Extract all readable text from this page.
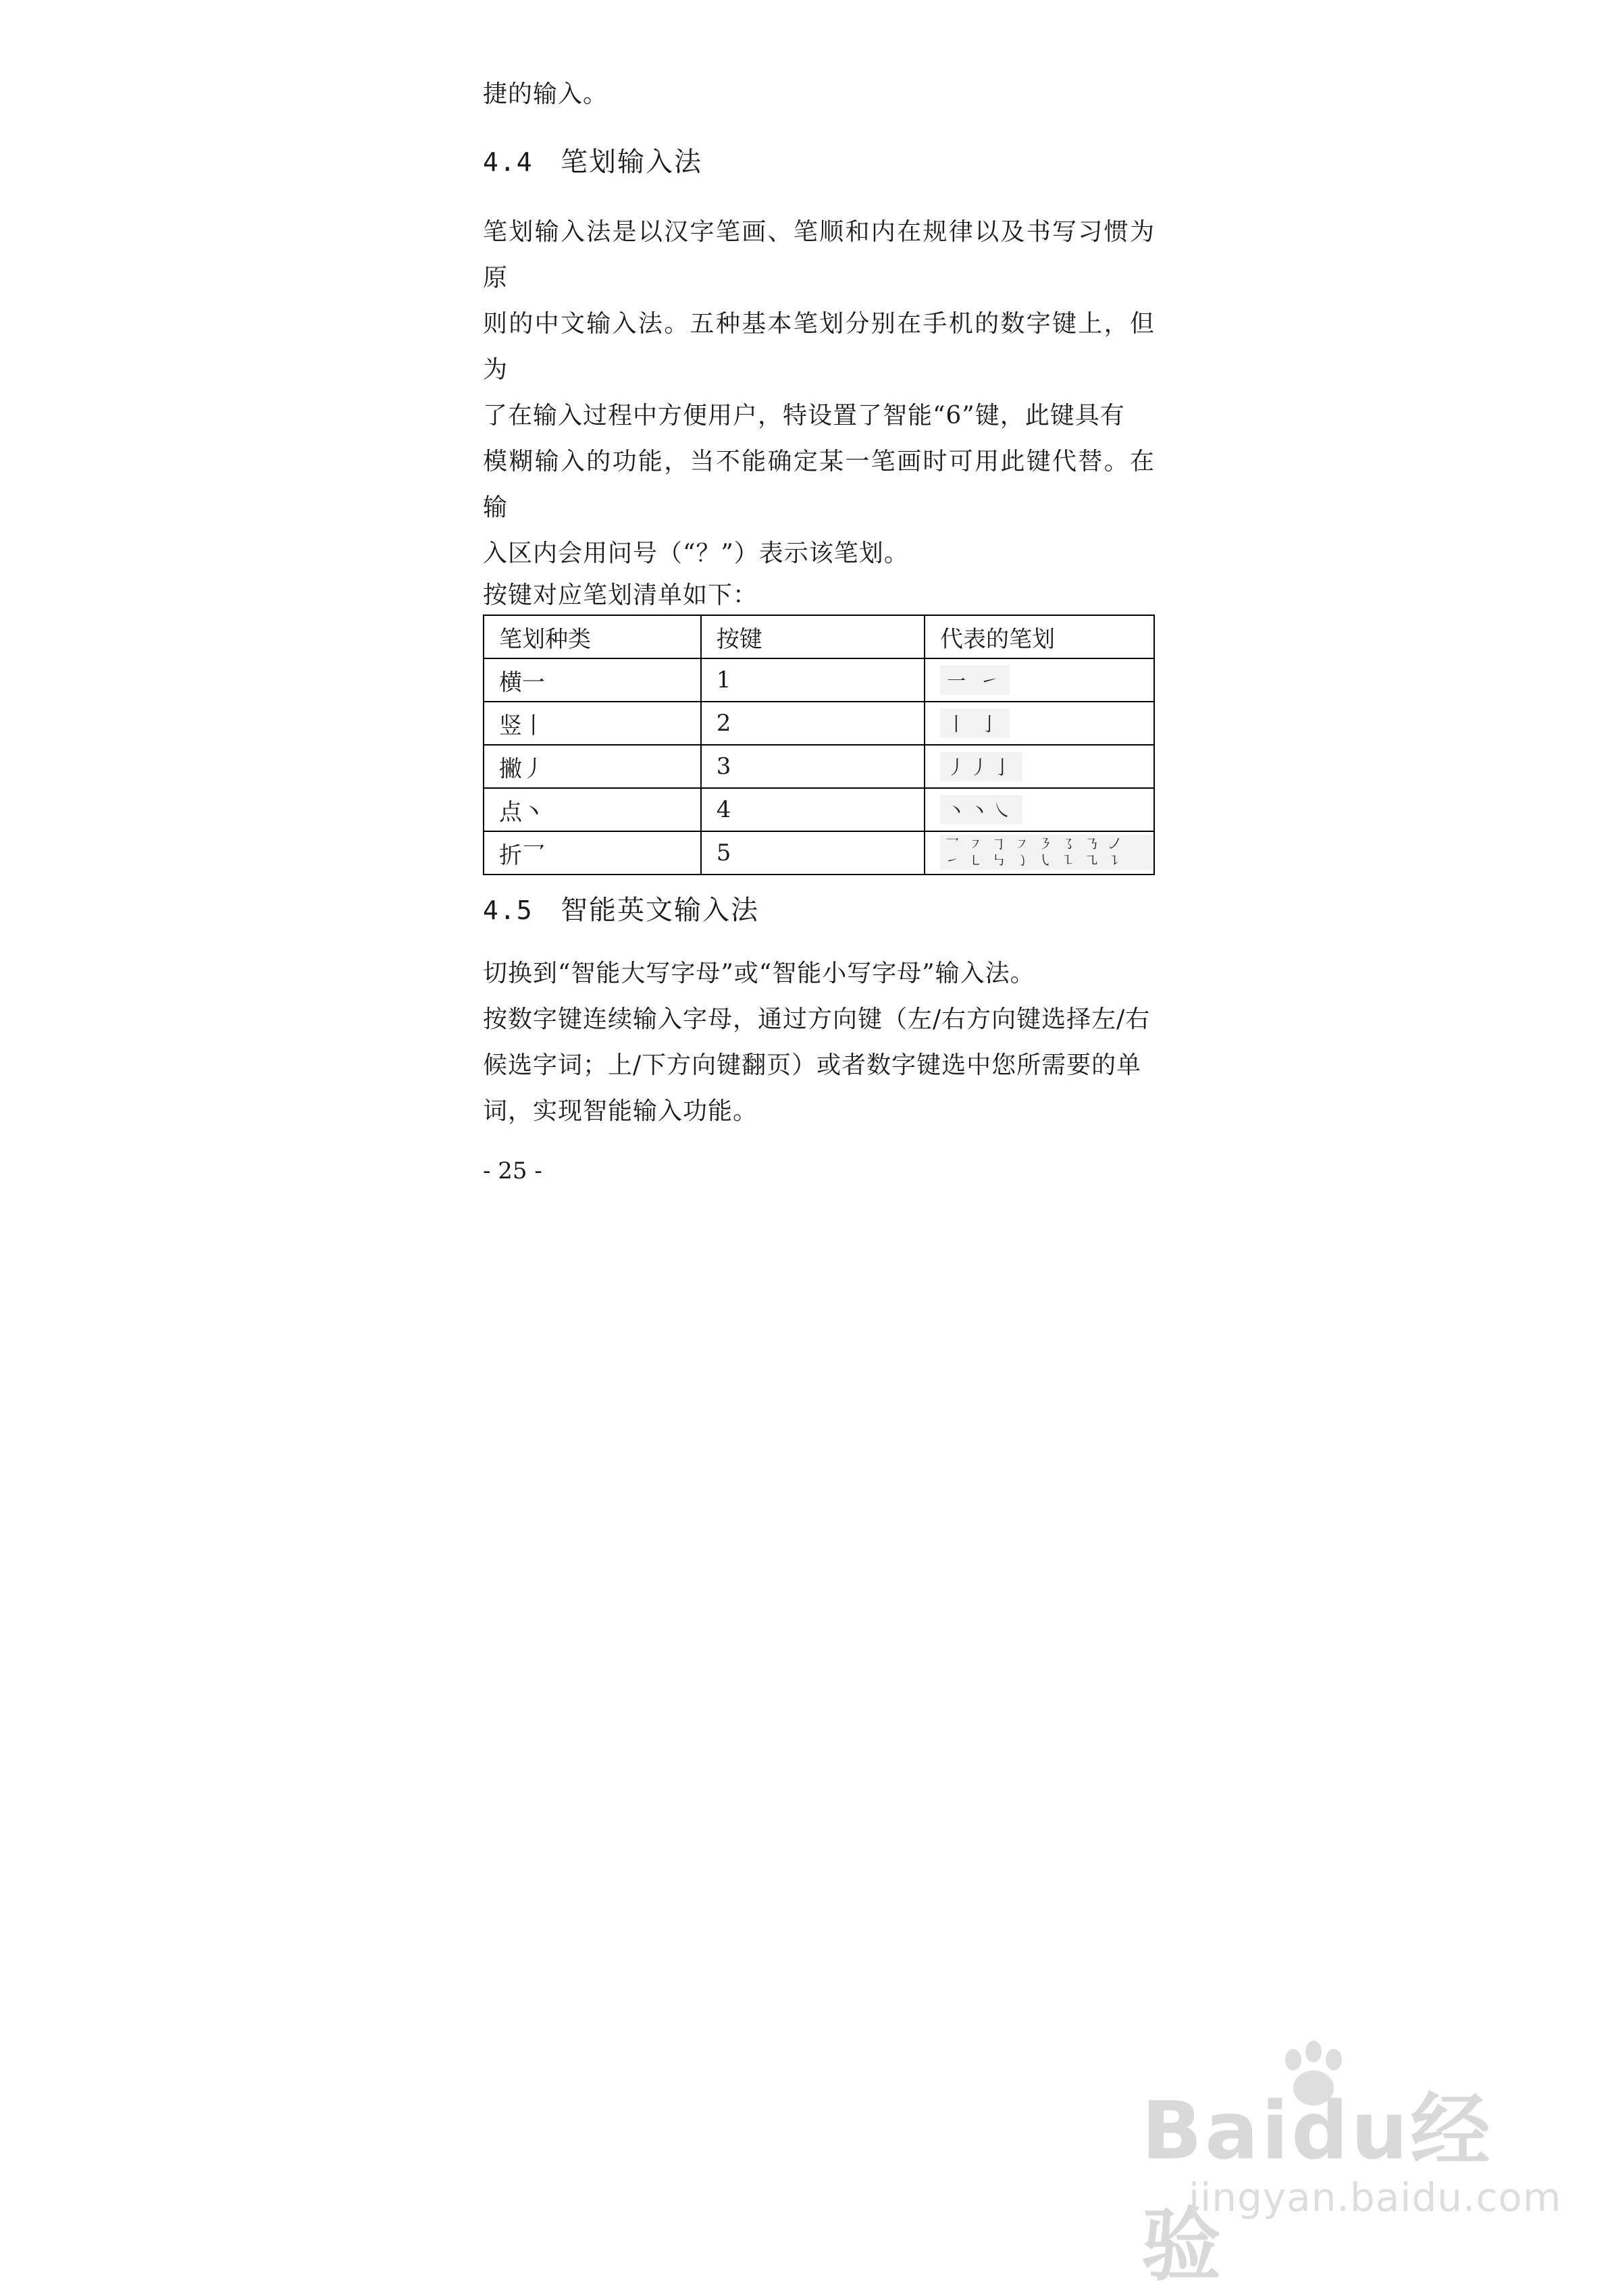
捷的输入。

4.4	笔划输入法

笔划输入法是以汉字笔画、笔顺和内在规律以及书写习惯为原

则的中文输入法。五种基本笔划分别在手机的数字键上，但为

了在输入过程中方便用户，特设置了智能“6”键，此键具有

模糊输入的功能，当不能确定某一笔画时可用此键代替。在输

入区内会用问号（“？”）表示该笔划。

按键对应笔划清单如下：

笔划种类	按键	代表的笔划
横一	1	一 ㇀
竖丨	2	丨 亅
撇丿	3	丿丿亅
点丶	4	丶丶㇏
折乛	5	乛 ㇇ ㇆ ㇇ ㇋ ㇌ ㇡ ㇢
㇀ ㇄ ㇉ ㇁ ㇂ ㇅ ㇈ ㇊
4.5	智能英文输入法

切换到“智能大写字母”或“智能小写字母”输入法。

按数字键连续输入字母，通过方向键（左/右方向键选择左/右

候选字词；上/下方向键翻页）或者数字键选中您所需要的单

词，实现智能输入功能。

- 25 -

Baidu经验
jingyan.baidu.com
